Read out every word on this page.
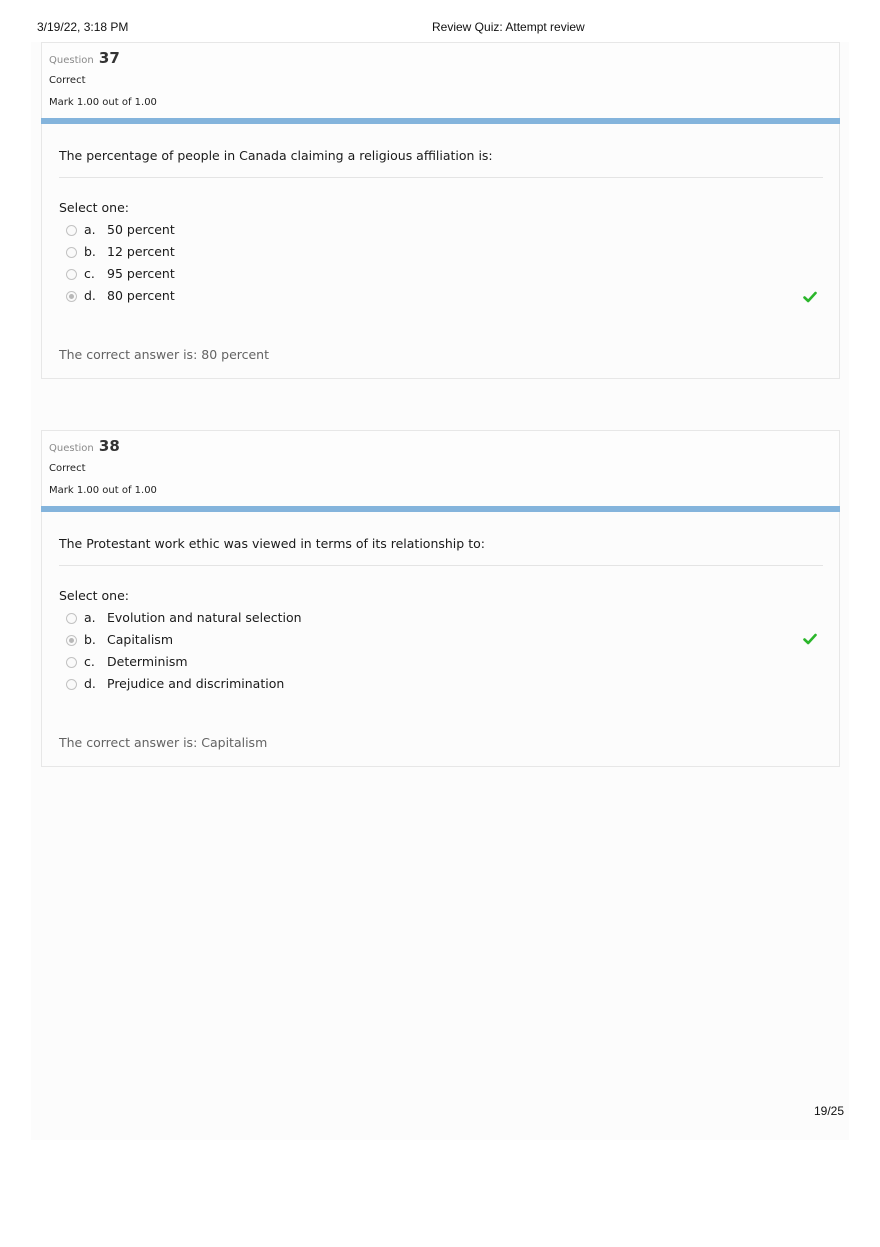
3/19/22, 3:18 PM	Review Quiz: Attempt review
Question 37
Correct
Mark 1.00 out of 1.00
The percentage of people in Canada claiming a religious affiliation is:
Select one:
a. 50 percent
b. 12 percent
c. 95 percent
d. 80 percent
The correct answer is: 80 percent
Question 38
Correct
Mark 1.00 out of 1.00
The Protestant work ethic was viewed in terms of its relationship to:
Select one:
a. Evolution and natural selection
b. Capitalism
c. Determinism
d. Prejudice and discrimination
The correct answer is: Capitalism
19/25
